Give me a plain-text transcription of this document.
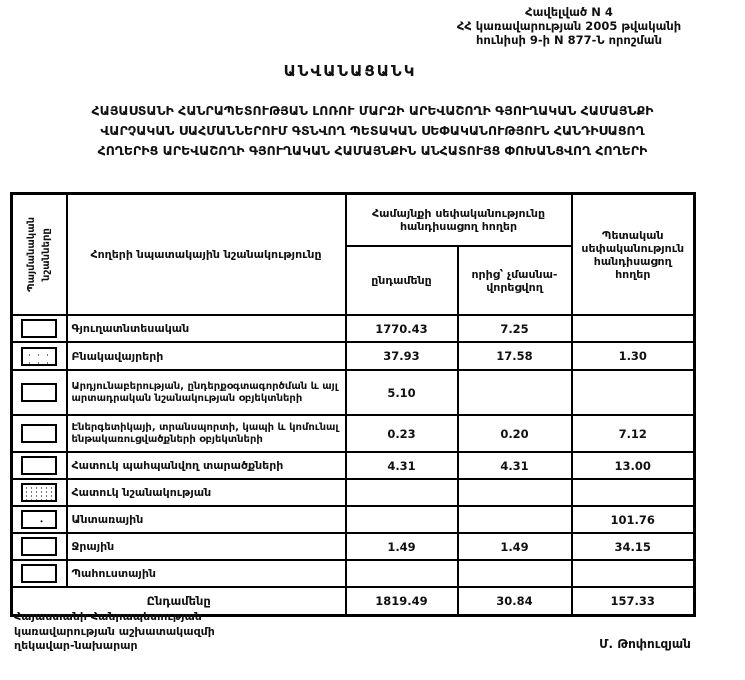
Հավելված N 4
ՀՀ կառավարության 2005 թվականի
հունիսի 9-ի N 877-Ն որոշման
ԱՆՎԱՆԱՑԱՆԿ
ՀԱՅԱՍՏԱՆԻ ՀԱՆՐԱՊԵՏՈՒԹՅԱՆ ԼՈՌՈՒ ՄԱՐԶԻ ԱՐԵՎԱՇՈՂԻ ԳՅՈՒՂԱԿԱՆ ՀԱՄԱՅՆՔԻ
ՎԱՐՉԱԿԱՆ ՍԱՀՄԱՆՆԵՐՈՒՄ ԳՏՆՎՈՂ ՊԵՏԱԿԱՆ ՍԵՓԱԿԱՆՈՒԹՅՈՒՆ ՀԱՆԴԻՍԱՑՈՂ
ՀՈՂԵՐԻՑ ԱՐԵՎԱՇՈՂԻ ԳՅՈՒՂԱԿԱՆ ՀԱՄԱՅՆՔԻՆ ԱՆՀԱՏՈՒՅՑ ՓՈԽԱՆՑՎՈՂ ՀՈՂԵՐԻ
Պայմանական նշանները	Հողերի նպատակային նշանակությունը	Համայնքի սեփականությունը հանդիսացող հողեր		Պետական սեփականություն հանդիսացող հողեր
		ընդամենը	որից՝ չմասնա-վորեցվող	

	Գյուղատնտեսական	1770.43	7.25	

	Բնակավայրերի	37.93	17.58	1.30

	Արդյունաբերության, ընդերքօգտագործման և այլ արտադրական նշանակության օբյեկտների	5.10		

	Էներգետիկայի, տրանսպորտի, կապի և կոմունալ ենթակառուցվածքների օբյեկտների	0.23	0.20	7.12

	Հատուկ պահպանվող տարածքների	4.31	4.31	13.00

	Հատուկ նշանակության			

	Անտառային			101.76

	Ջրային	1.49	1.49	34.15

	Պահուստային			
Ընդամենը		1819.49	30.84	157.33
Հայաստանի Հանրապետության
կառավարության աշխատակազմի
ղեկավար-նախարար	Մ. Թոփուզյան
